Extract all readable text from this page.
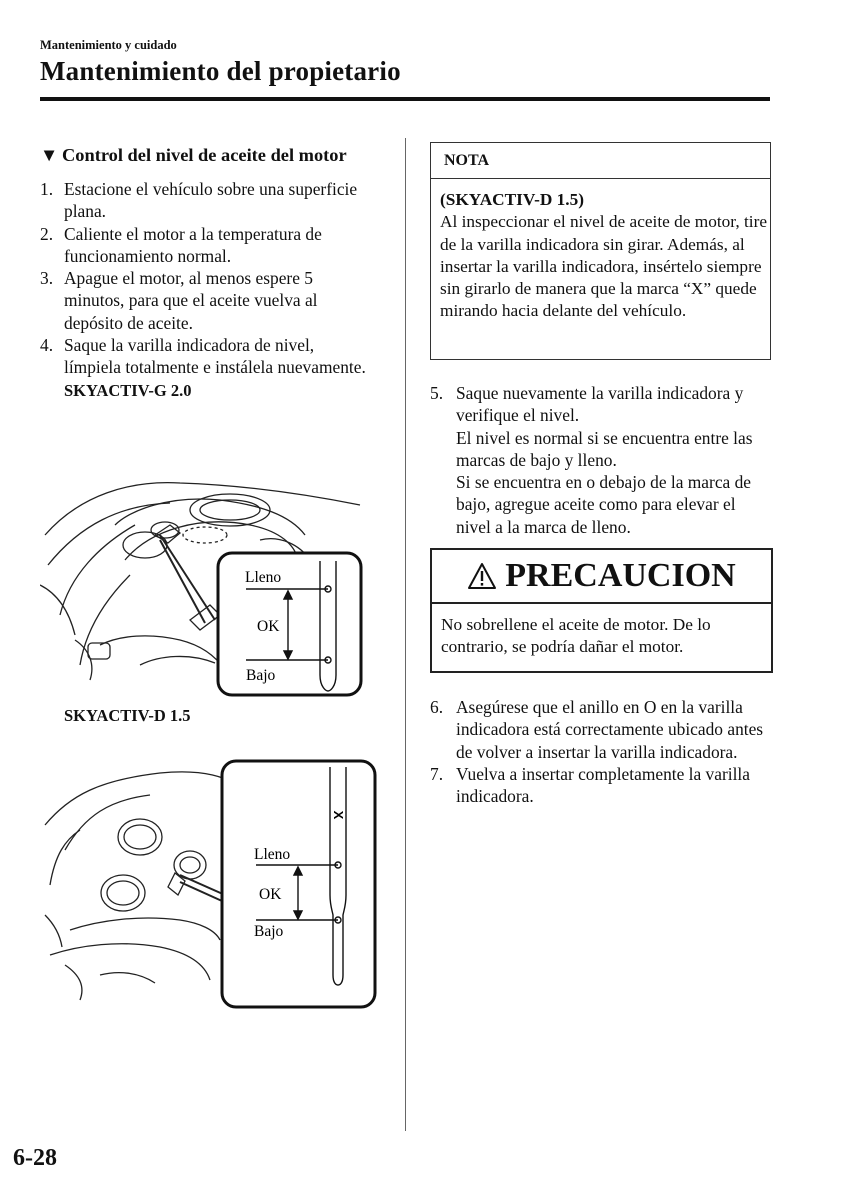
Mantenimiento y cuidado
Mantenimiento del propietario
▼ Control del nivel de aceite del motor
1. Estacione el vehículo sobre una superficie plana.
2. Caliente el motor a la temperatura de funcionamiento normal.
3. Apague el motor, al menos espere 5 minutos, para que el aceite vuelva al depósito de aceite.
4. Saque la varilla indicadora de nivel, límpiela totalmente e instálela nuevamente.
SKYACTIV-G 2.0
Lleno
OK
Bajo
SKYACTIV-D 1.5
X
Lleno
OK
Bajo
NOTA
(SKYACTIV-D 1.5)
Al inspeccionar el nivel de aceite de motor, tire de la varilla indicadora sin girar. Además, al insertar la varilla indicadora, insértelo siempre sin girarlo de manera que la marca “X” quede mirando hacia delante del vehículo.
5. Saque nuevamente la varilla indicadora y verifique el nivel.
El nivel es normal si se encuentra entre las marcas de bajo y lleno.
Si se encuentra en o debajo de la marca de bajo, agregue aceite como para elevar el nivel a la marca de lleno.
PRECAUCION
No sobrellene el aceite de motor. De lo contrario, se podría dañar el motor.
6. Asegúrese que el anillo en O en la varilla indicadora está correctamente ubicado antes de volver a insertar la varilla indicadora.
7. Vuelva a insertar completamente la varilla indicadora.
6-28
